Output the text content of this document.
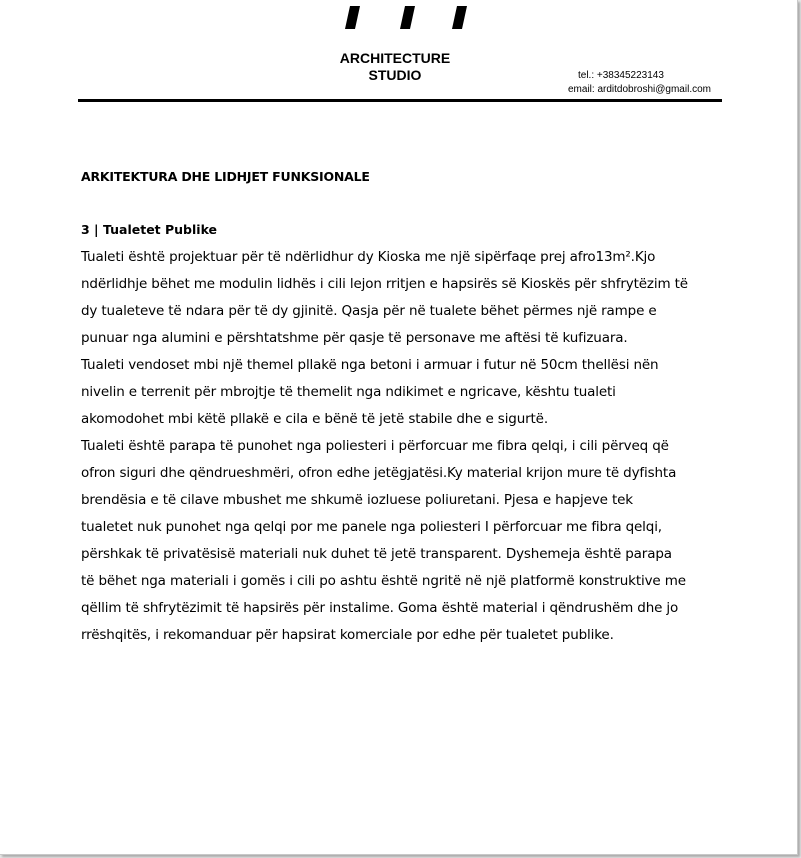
ARCHITECTURE
STUDIO	tel.: +38345223143
email: arditdobroshi@gmail.com
ARKITEKTURA DHE LIDHJET FUNKSIONALE
3 | Tualetet Publike
Tualeti është projektuar për të ndërlidhur dy Kioska me një sipërfaqe prej afro13m².Kjo
ndërlidhje bëhet me modulin lidhës i cili lejon rritjen e hapsirës së Kioskës për shfrytëzim të
dy tualeteve të ndara për të dy gjinitë. Qasja për në tualete bëhet përmes një rampe e
punuar nga alumini e përshtatshme për qasje të personave me aftësi të kufizuara.
Tualeti vendoset mbi një themel pllakë nga betoni i armuar i futur në 50cm thellësi nën
nivelin e terrenit për mbrojtje të themelit nga ndikimet e ngricave, kështu tualeti
akomodohet mbi këtë pllakë e cila e bënë të jetë stabile dhe e sigurtë.
Tualeti është parapa të punohet nga poliesteri i përforcuar me fibra qelqi, i cili përveq që
ofron siguri dhe qëndrueshmëri, ofron edhe jetëgjatësi.Ky material krijon mure të dyfishta
brendësia e të cilave mbushet me shkumë iozluese poliuretani. Pjesa e hapjeve tek
tualetet nuk punohet nga qelqi por me panele nga poliesteri I përforcuar me fibra qelqi,
përshkak të privatësisë materiali nuk duhet të jetë transparent. Dyshemeja është parapa
të bëhet nga materiali i gomës i cili po ashtu është ngritë në një platformë konstruktive me
qëllim të shfrytëzimit të hapsirës për instalime. Goma është material i qëndrushëm dhe jo
rrëshqitës, i rekomanduar për hapsirat komerciale por edhe për tualetet publike.
